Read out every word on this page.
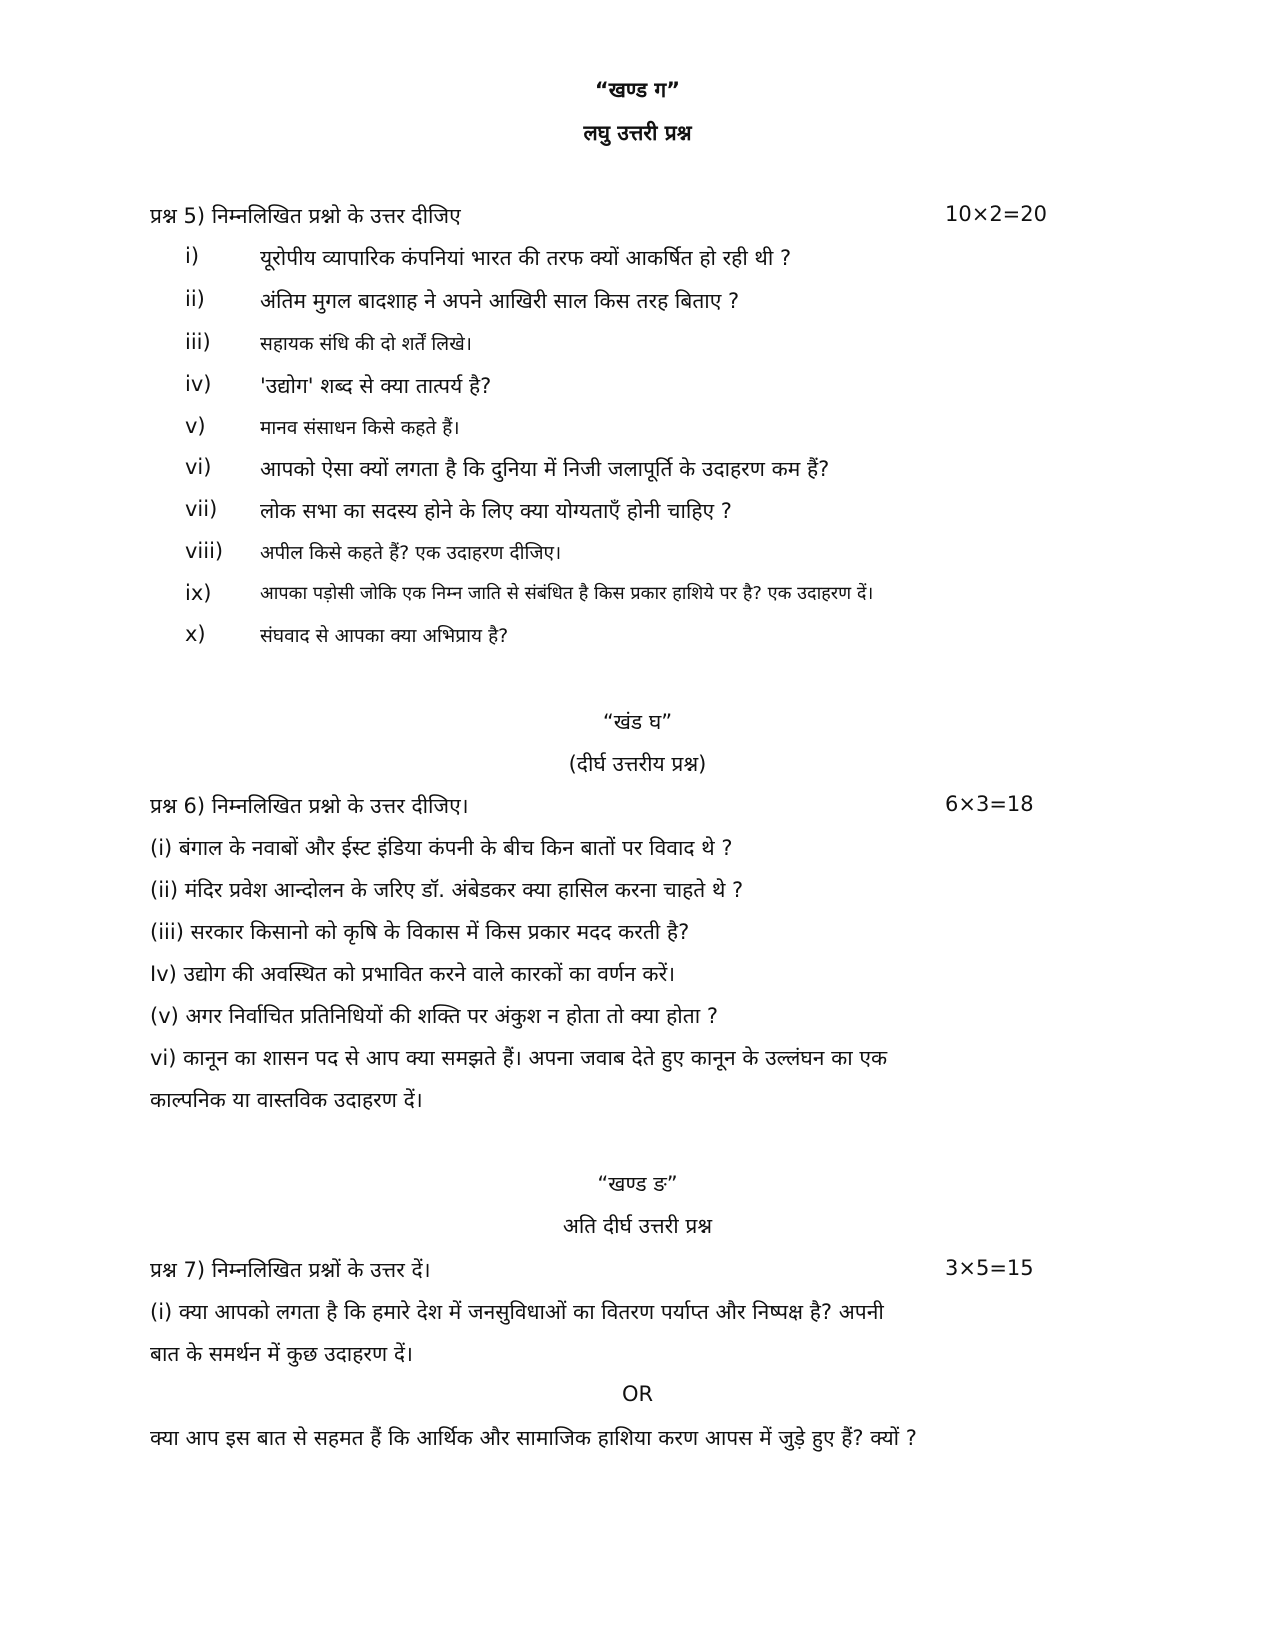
“खण्ड ग”
लघु उत्तरी प्रश्न
प्रश्न 5) निम्नलिखित प्रश्नो के उत्तर दीजिए	10×2=20
i)	यूरोपीय व्यापारिक कंपनियां भारत की तरफ क्यों आकर्षित हो रही थी ?
ii)	अंतिम मुगल बादशाह ने अपने आखिरी साल किस तरह बिताए ?
iii)	सहायक संधि की दो शर्तें लिखे।
iv) 'उद्योग' शब्द से क्या तात्पर्य है?
v)	मानव संसाधन किसे कहते हैं।
vi) आपको ऐसा क्यों लगता है कि दुनिया में निजी जलापूर्ति के उदाहरण कम हैं?
vii) लोक सभा का सदस्य होने के लिए क्या योग्यताएँ होनी चाहिए ?
viii) अपील किसे कहते हैं? एक उदाहरण दीजिए।
ix)	आपका पड़ोसी जोकि एक निम्न जाति से संबंधित है किस प्रकार हाशिये पर है? एक उदाहरण दें।
x)	संघवाद से आपका क्या अभिप्राय है?
“खंड घ”
(दीर्घ उत्तरीय प्रश्न)
प्रश्न 6) निम्नलिखित प्रश्नो के उत्तर दीजिए।	6×3=18
(i) बंगाल के नवाबों और ईस्ट इंडिया कंपनी के बीच किन बातों पर विवाद थे ?
(ii) मंदिर प्रवेश आन्दोलन के जरिए डॉ. अंबेडकर क्या हासिल करना चाहते थे ?
(iii) सरकार किसानो को कृषि के विकास में किस प्रकार मदद करती है?
Iv) उद्योग की अवस्थित को प्रभावित करने वाले कारकों का वर्णन करें।
(v) अगर निर्वाचित प्रतिनिधियों की शक्ति पर अंकुश न होता तो क्या होता ?
vi) कानून का शासन पद से आप क्या समझते हैं। अपना जवाब देते हुए कानून के उल्लंघन का एक
काल्पनिक या वास्तविक उदाहरण दें।
“खण्ड ङ”
अति दीर्घ उत्तरी प्रश्न
प्रश्न 7) निम्नलिखित प्रश्नों के उत्तर दें।	3×5=15
(i) क्या आपको लगता है कि हमारे देश में जनसुविधाओं का वितरण पर्याप्त और निष्पक्ष है? अपनी
बात के समर्थन में कुछ उदाहरण दें।
OR
क्या आप इस बात से सहमत हैं कि आर्थिक और सामाजिक हाशिया करण आपस में जुड़े हुए हैं? क्यों ?
